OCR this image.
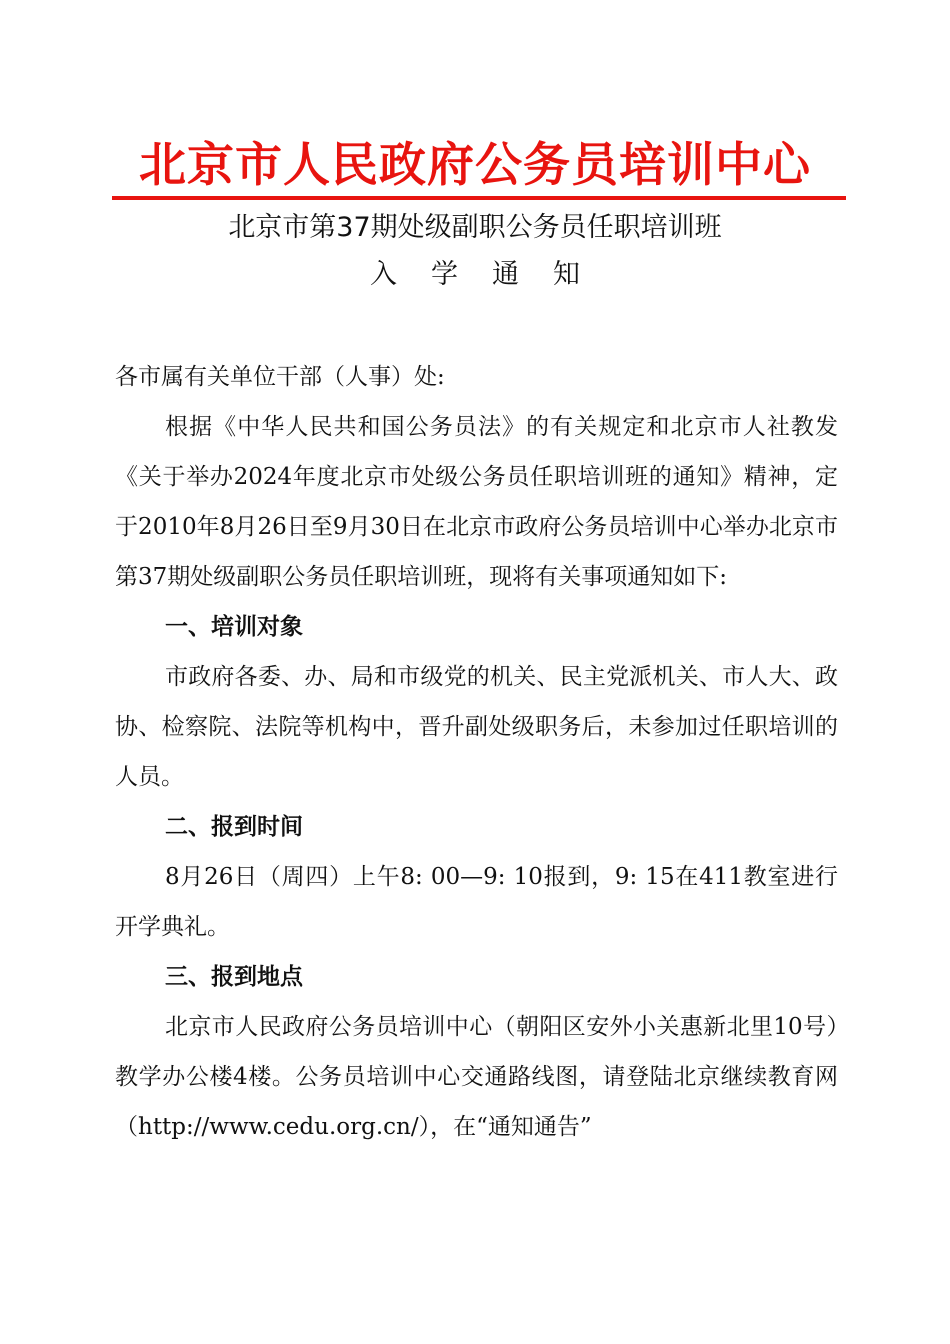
北京市人民政府公务员培训中心
北京市第37期处级副职公务员任职培训班
入学通知

各市属有关单位干部（人事）处:

根据《中华人民共和国公务员法》的有关规定和北京市人社教发《关于举办2024年度北京市处级公务员任职培训班的通知》精神，定于2010年8月26日至9月30日在北京市政府公务员培训中心举办北京市第37期处级副职公务员任职培训班，现将有关事项通知如下:

一、培训对象

市政府各委、办、局和市级党的机关、民主党派机关、市人大、政协、检察院、法院等机构中，晋升副处级职务后，未参加过任职培训的人员。

二、报到时间

8月26日（周四）上午8: 00—9: 10报到，9: 15在411教室进行开学典礼。

三、报到地点

北京市人民政府公务员培训中心（朝阳区安外小关惠新北里10号）教学办公楼4楼。公务员培训中心交通路线图，请登陆北京继续教育网（http://www.cedu.org.cn/），在“通知通告”
